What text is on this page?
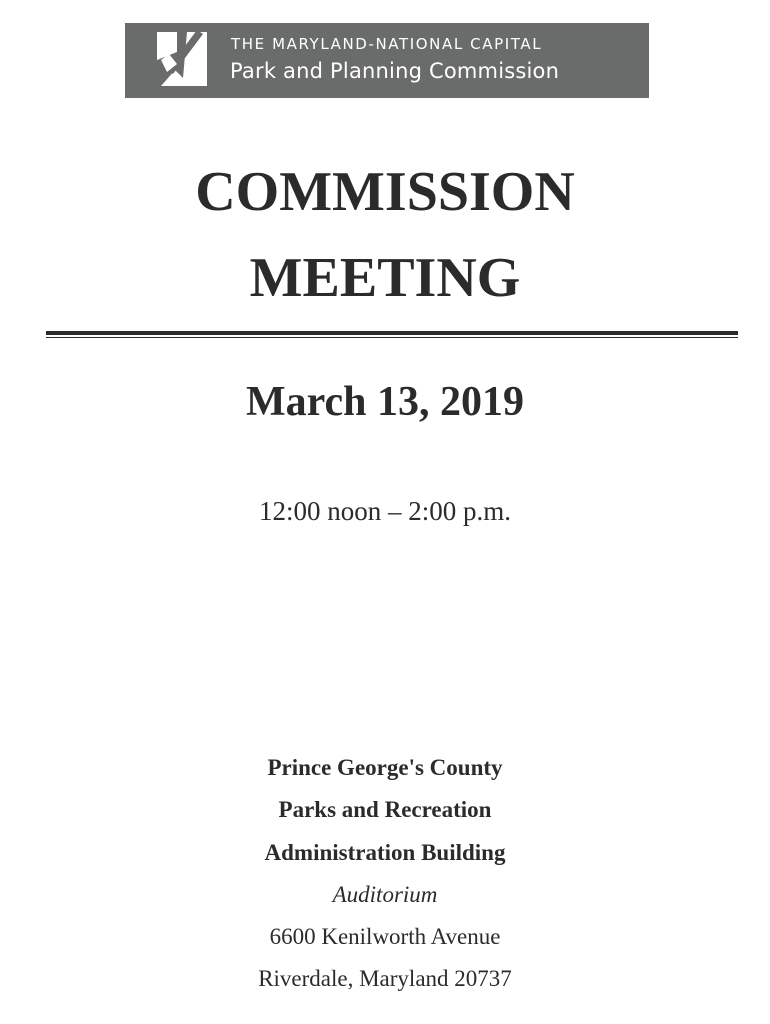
THE MARYLAND-NATIONAL CAPITAL
Park and Planning Commission
COMMISSION
MEETING
March 13, 2019
12:00 noon – 2:00 p.m.
Prince George's County
Parks and Recreation
Administration Building
Auditorium
6600 Kenilworth Avenue
Riverdale, Maryland 20737
